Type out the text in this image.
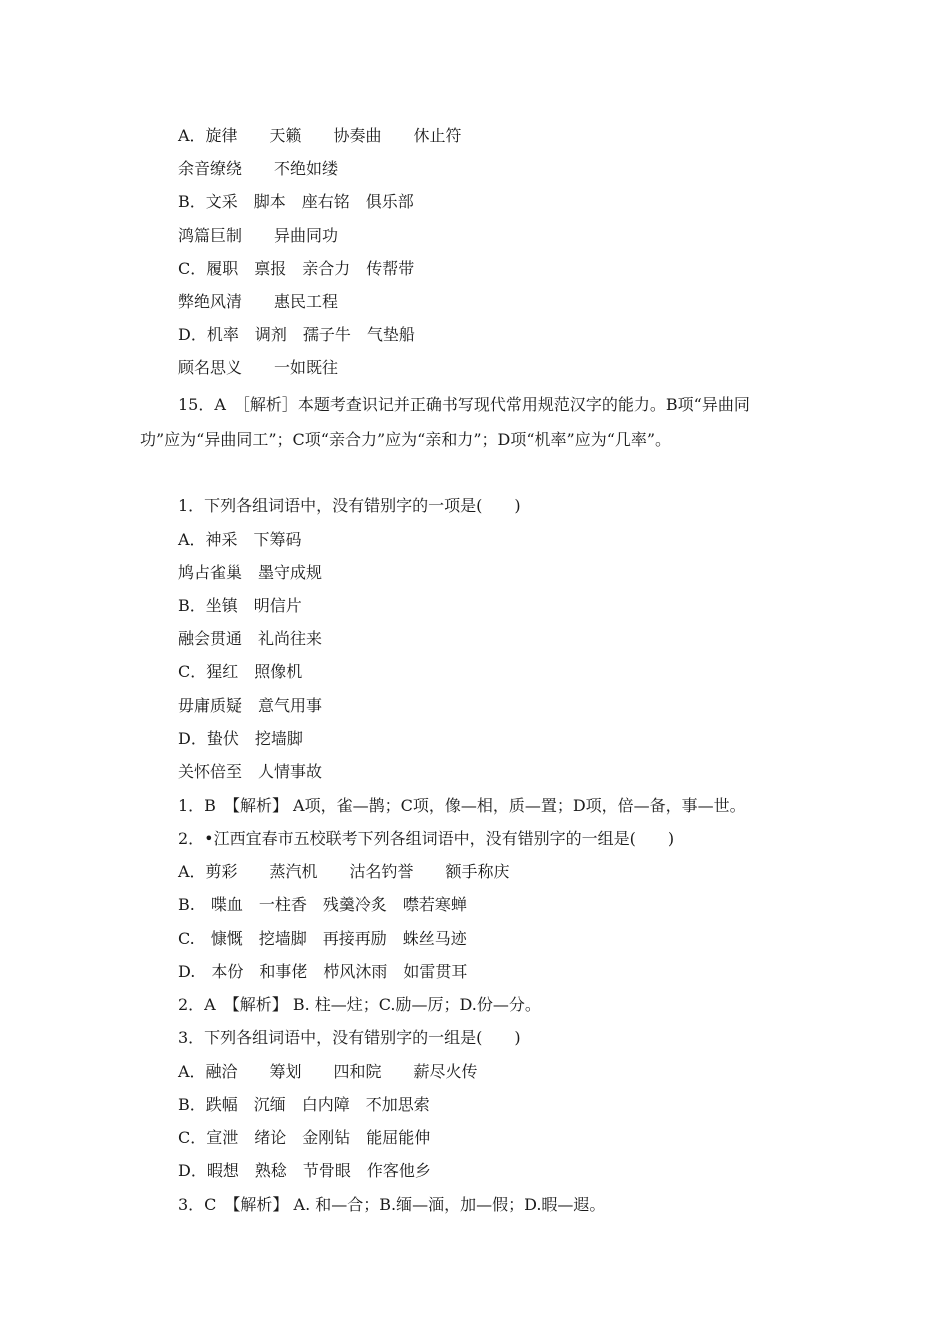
A．旋律　　天籁　　协奏曲　　休止符
余音缭绕　　不绝如缕
B．文采　脚本　座右铭　俱乐部
鸿篇巨制　　异曲同功
C．履职　禀报　亲合力　传帮带
弊绝风清　　惠民工程
D．机率　调剂　孺子牛　气垫船
顾名思义　　一如既往
15．A　［解析］本题考查识记并正确书写现代常用规范汉字的能力。B项“异曲同
功”应为“异曲同工”；C项“亲合力”应为“亲和力”；D项“机率”应为“几率”。
1．下列各组词语中，没有错别字的一项是(　　)
A．神采　下筹码
鸠占雀巢　墨守成规
B．坐镇　明信片
融会贯通　礼尚往来
C．猩红　照像机
毋庸质疑　意气用事
D．蛰伏　挖墙脚
关怀倍至　人情事故
1．B　【解析】 A项，雀—鹊；C项，像—相，质—置；D项，倍—备，事—世。
2．•江西宜春市五校联考下列各组词语中，没有错别字的一组是(　　)
A．剪彩　　蒸汽机　　沽名钓誉　　额手称庆
B.　喋血　一柱香　残羹冷炙　噤若寒蝉
C.　慷慨　挖墙脚　再接再励　蛛丝马迹
D.　本份　和事佬　栉风沐雨　如雷贯耳
2．A　【解析】 B. 柱—炷；C.励—厉；D.份—分。
3．下列各组词语中，没有错别字的一组是(　　)
A．融洽　　筹划　　四和院　　薪尽火传
B．跌幅　沉缅　白内障　不加思索
C．宣泄　绪论　金刚钻　能屈能伸
D．暇想　熟稔　节骨眼　作客他乡
3．C　【解析】 A. 和—合；B.缅—湎，加—假；D.暇—遐。
